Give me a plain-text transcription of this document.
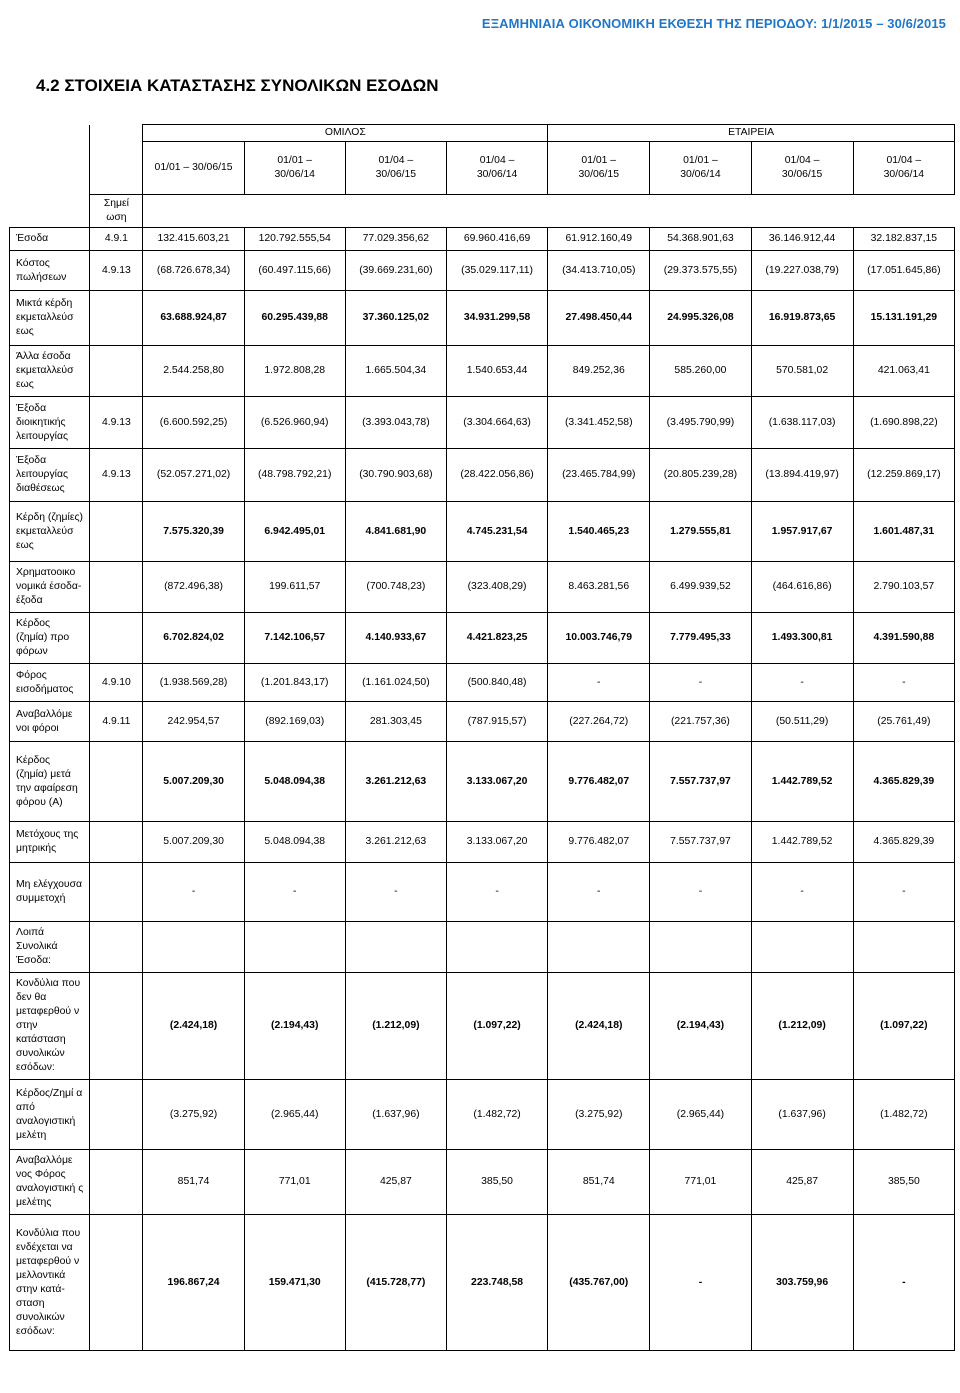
ΕΞΑΜΗΝΙΑΙΑ ΟΙΚΟΝΟΜΙΚΗ ΕΚΘΕΣΗ ΤΗΣ ΠΕΡΙΟΔΟΥ: 1/1/2015 – 30/6/2015
4.2 ΣΤΟΙΧΕΙΑ ΚΑΤΑΣΤΑΣΗΣ ΣΥΝΟΛΙΚΩΝ ΕΣΟΔΩΝ
		ΟΜΙΛΟΣ				ΕΤΑΙΡΕΙΑ			
		01/01 – 30/06/15	01/01 –
30/06/14	01/04 –
30/06/15	01/04 –
30/06/14	01/01 –
30/06/15	01/01 –
30/06/14	01/04 –
30/06/15	01/04 –
30/06/14
	Σημεί ωση								
Έσοδα	4.9.1	132.415.603,21	120.792.555,54	77.029.356,62	69.960.416,69	61.912.160,49	54.368.901,63	36.146.912,44	32.182.837,15
Κόστος πωλήσεων	4.9.13	(68.726.678,34)	(60.497.115,66)	(39.669.231,60)	(35.029.117,11)	(34.413.710,05)	(29.373.575,55)	(19.227.038,79)	(17.051.645,86)
Μικτά κέρδη εκμεταλλεύσ εως		63.688.924,87	60.295.439,88	37.360.125,02	34.931.299,58	27.498.450,44	24.995.326,08	16.919.873,65	15.131.191,29
Άλλα έσοδα εκμεταλλεύσ εως		2.544.258,80	1.972.808,28	1.665.504,34	1.540.653,44	849.252,36	585.260,00	570.581,02	421.063,41
Έξοδα διοικητικής λειτουργίας	4.9.13	(6.600.592,25)	(6.526.960,94)	(3.393.043,78)	(3.304.664,63)	(3.341.452,58)	(3.495.790,99)	(1.638.117,03)	(1.690.898,22)
Έξοδα λειτουργίας διαθέσεως	4.9.13	(52.057.271,02)	(48.798.792,21)	(30.790.903,68)	(28.422.056,86)	(23.465.784,99)	(20.805.239,28)	(13.894.419,97)	(12.259.869,17)
Κέρδη (ζημίες) εκμεταλλεύσ εως		7.575.320,39	6.942.495,01	4.841.681,90	4.745.231,54	1.540.465,23	1.279.555,81	1.957.917,67	1.601.487,31
Χρηματοοικο νομικά έσοδα-έξοδα		(872.496,38)	199.611,57	(700.748,23)	(323.408,29)	8.463.281,56	6.499.939,52	(464.616,86)	2.790.103,57
Κέρδος (ζημία) προ φόρων		6.702.824,02	7.142.106,57	4.140.933,67	4.421.823,25	10.003.746,79	7.779.495,33	1.493.300,81	4.391.590,88
Φόρος εισοδήματος	4.9.10	(1.938.569,28)	(1.201.843,17)	(1.161.024,50)	(500.840,48)	-	-	-	-
Αναβαλλόμε νοι φόροι	4.9.11	242.954,57	(892.169,03)	281.303,45	(787.915,57)	(227.264,72)	(221.757,36)	(50.511,29)	(25.761,49)
Κέρδος (ζημία) μετά την αφαίρεση φόρου (Α)		5.007.209,30	5.048.094,38	3.261.212,63	3.133.067,20	9.776.482,07	7.557.737,97	1.442.789,52	4.365.829,39
Μετόχους της μητρικής		5.007.209,30	5.048.094,38	3.261.212,63	3.133.067,20	9.776.482,07	7.557.737,97	1.442.789,52	4.365.829,39
Μη ελέγχουσα συμμετοχή		-	-	-	-	-	-	-	-
Λοιπά Συνολικά Έσοδα:									
Κονδύλια που δεν θα μεταφερθού ν στην κατάσταση συνολικών εσόδων:		(2.424,18)	(2.194,43)	(1.212,09)	(1.097,22)	(2.424,18)	(2.194,43)	(1.212,09)	(1.097,22)
Κέρδος/Ζημί α από αναλογιστική μελέτη		(3.275,92)	(2.965,44)	(1.637,96)	(1.482,72)	(3.275,92)	(2.965,44)	(1.637,96)	(1.482,72)
Αναβαλλόμε νος Φόρος αναλογιστική ς μελέτης		851,74	771,01	425,87	385,50	851,74	771,01	425,87	385,50
Κονδύλια που ενδέχεται να μεταφερθού ν μελλοντικά στην κατά-σταση συνολικών εσόδων:		196.867,24	159.471,30	(415.728,77)	223.748,58	(435.767,00)	-	303.759,96	-
